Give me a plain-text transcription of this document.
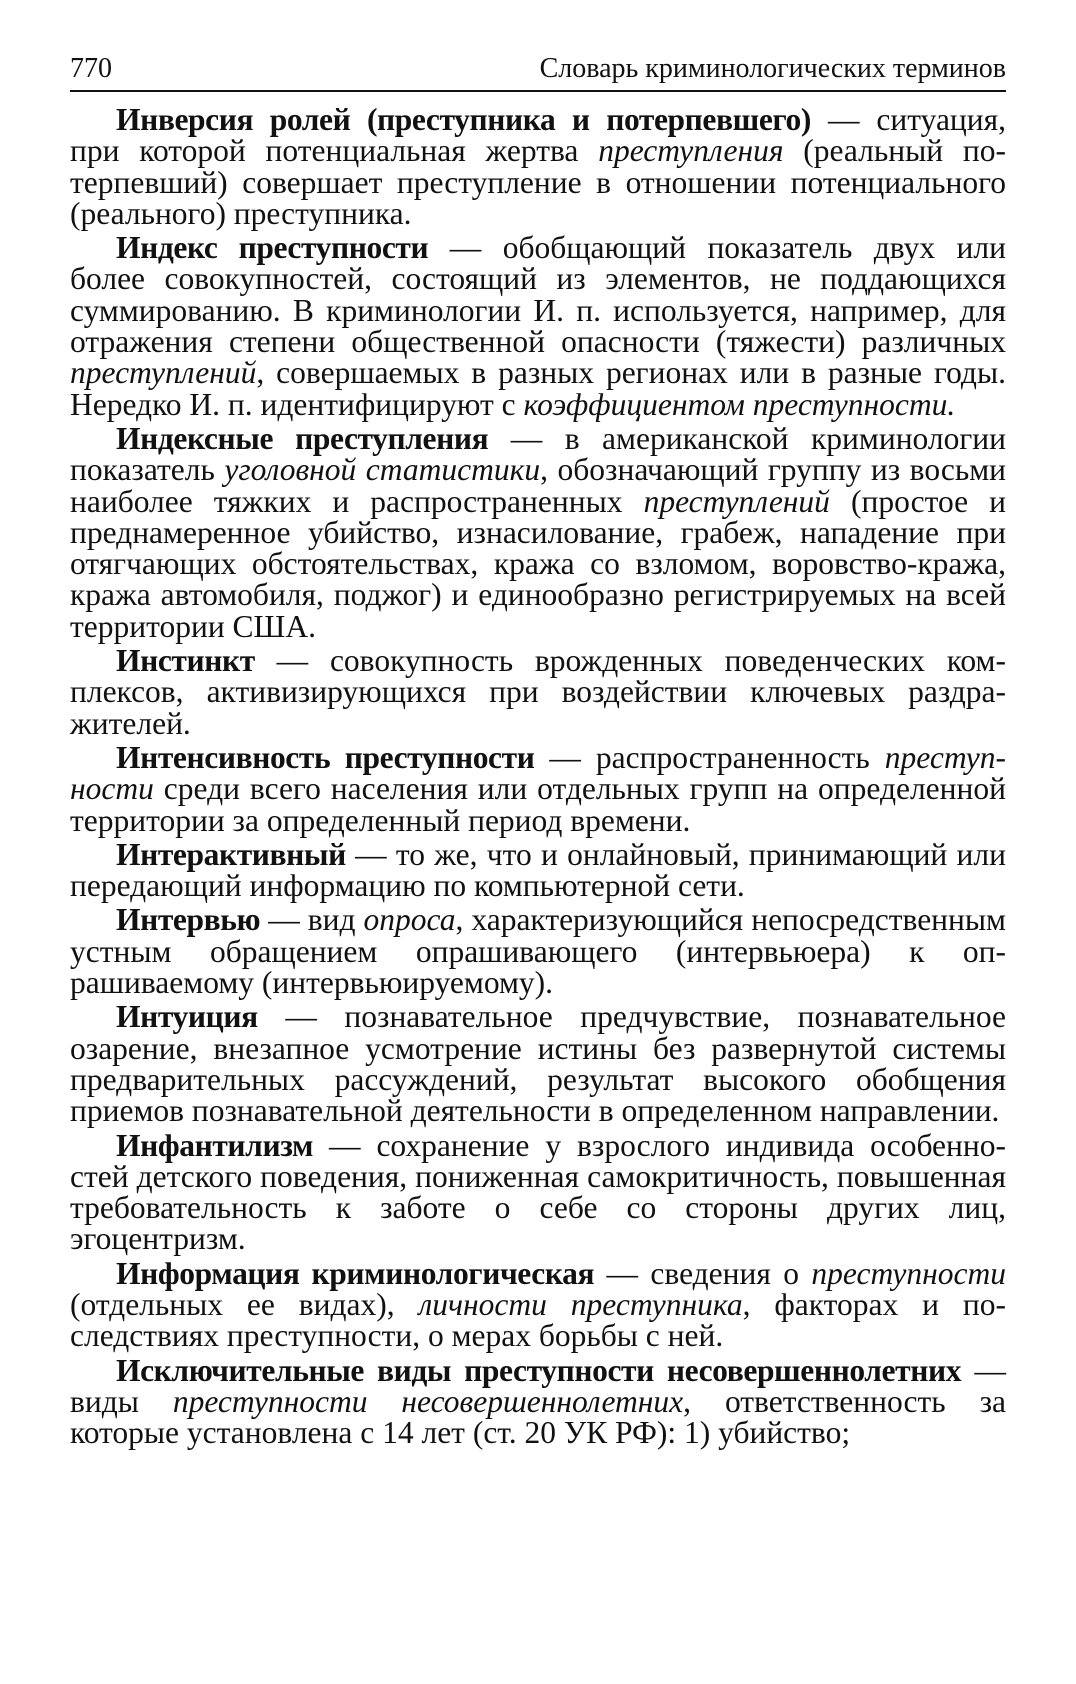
770	Словарь криминологических терминов

Инверсия ролей (преступника и потерпевшего) — ситуация, при которой потенциальная жертва преступления (реальный потерпевший) совершает преступление в отношении потенциального (реального) преступника.

Индекс преступности — обобщающий показатель двух или более совокупностей, состоящий из элементов, не поддающихся суммированию. В криминологии И. п. используется, например, для отражения степени общественной опасности (тяжести) различных преступлений, совершаемых в разных регионах или в разные годы. Нередко И. п. идентифицируют с коэффициентом преступности.

Индексные преступления — в американской криминологии показатель уголовной статистики, обозначающий группу из восьми наиболее тяжких и распространенных преступлений (простое и преднамеренное убийство, изнасилование, грабеж, нападение при отягчающих обстоятельствах, кража со взломом, воровство-кража, кража автомобиля, поджог) и единообразно регистрируемых на всей территории США.

Инстинкт — совокупность врожденных поведенческих комплексов, активизирующихся при воздействии ключевых раздражителей.

Интенсивность преступности — распространенность преступности среди всего населения или отдельных групп на определенной территории за определенный период времени.

Интерактивный — то же, что и онлайновый, принимающий или передающий информацию по компьютерной сети.

Интервью — вид опроса, характеризующийся непосредственным устным обращением опрашивающего (интервьюера) к опрашиваемому (интервьюируемому).

Интуиция — познавательное предчувствие, познавательное озарение, внезапное усмотрение истины без развернутой системы предварительных рассуждений, результат высокого обобщения приемов познавательной деятельности в определенном направлении.

Инфантилизм — сохранение у взрослого индивида особенностей детского поведения, пониженная самокритичность, повышенная требовательность к заботе о себе со стороны других лиц, эгоцентризм.

Информация криминологическая — сведения о преступности (отдельных ее видах), личности преступника, факторах и последствиях преступности, о мерах борьбы с ней.

Исключительные виды преступности несовершеннолетних — виды преступности несовершеннолетних, ответственность за которые установлена с 14 лет (ст. 20 УК РФ): 1) убийство;
